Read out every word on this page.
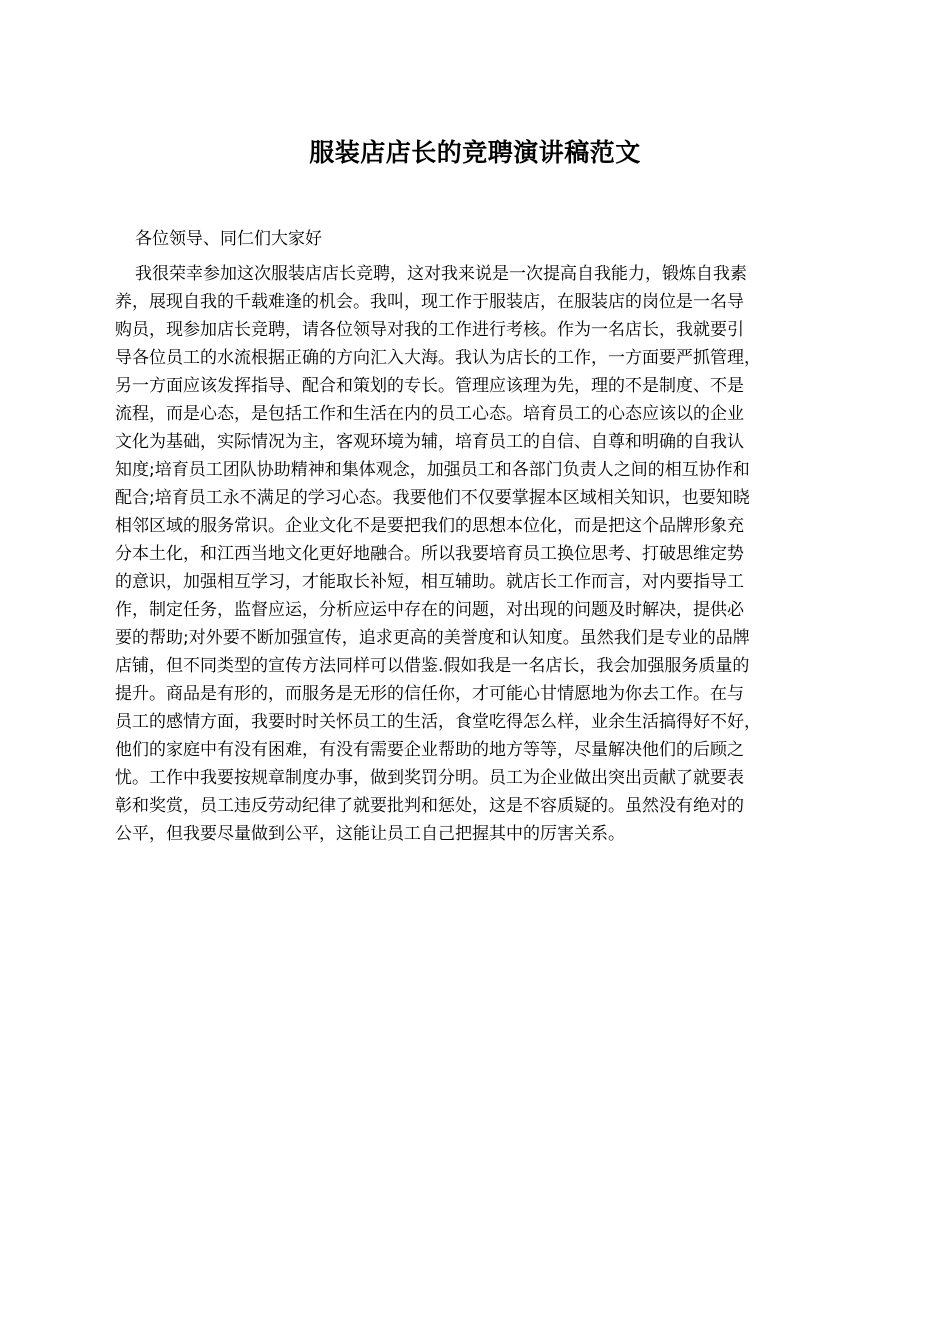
服装店店长的竞聘演讲稿范文
各位领导、同仁们大家好
我很荣幸参加这次服装店店长竞聘，这对我来说是一次提高自我能力，锻炼自我素
养，展现自我的千载难逢的机会。我叫，现工作于服装店，在服装店的岗位是一名导
购员，现参加店长竞聘，请各位领导对我的工作进行考核。作为一名店长，我就要引
导各位员工的水流根据正确的方向汇入大海。我认为店长的工作，一方面要严抓管理，
另一方面应该发挥指导、配合和策划的专长。管理应该理为先，理的不是制度、不是
流程，而是心态，是包括工作和生活在内的员工心态。培育员工的心态应该以的企业
文化为基础，实际情况为主，客观环境为辅，培育员工的自信、自尊和明确的自我认
知度;培育员工团队协助精神和集体观念，加强员工和各部门负责人之间的相互协作和
配合;培育员工永不满足的学习心态。我要他们不仅要掌握本区域相关知识，也要知晓
相邻区域的服务常识。企业文化不是要把我们的思想本位化，而是把这个品牌形象充
分本土化，和江西当地文化更好地融合。所以我要培育员工换位思考、打破思维定势
的意识，加强相互学习，才能取长补短，相互辅助。就店长工作而言，对内要指导工
作，制定任务，监督应运，分析应运中存在的问题，对出现的问题及时解决，提供必
要的帮助;对外要不断加强宣传，追求更高的美誉度和认知度。虽然我们是专业的品牌
店铺，但不同类型的宣传方法同样可以借鉴.假如我是一名店长，我会加强服务质量的
提升。商品是有形的，而服务是无形的信任你，才可能心甘情愿地为你去工作。在与
员工的感情方面，我要时时关怀员工的生活，食堂吃得怎么样，业余生活搞得好不好，
他们的家庭中有没有困难，有没有需要企业帮助的地方等等，尽量解决他们的后顾之
忧。工作中我要按规章制度办事，做到奖罚分明。员工为企业做出突出贡献了就要表
彰和奖赏，员工违反劳动纪律了就要批判和惩处，这是不容质疑的。虽然没有绝对的
公平，但我要尽量做到公平，这能让员工自己把握其中的厉害关系。
